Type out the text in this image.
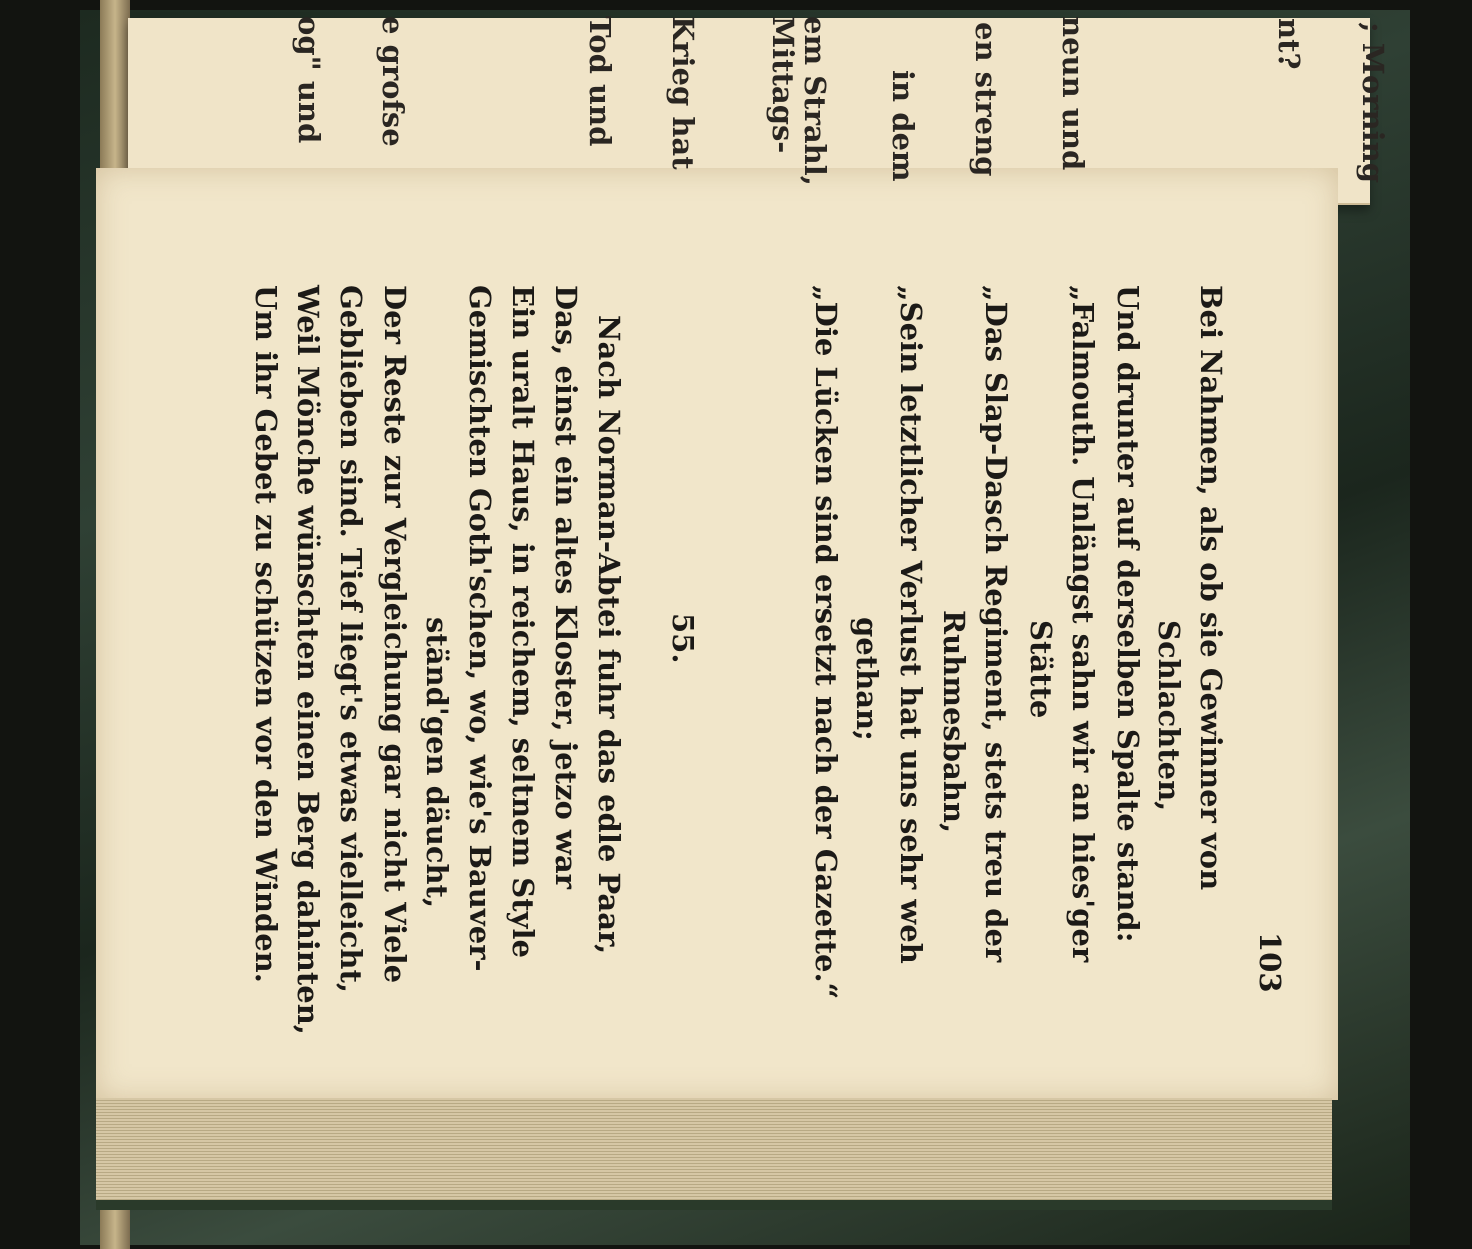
; Morning
nt?
neun und
en streng
in dem
em Strahl,
Mittags-
Krieg hat
Tod und
e grofse
og" und
103
Bei Nahmen, als ob sie Gewinner von
Schlachten,
Und drunter auf derselben Spalte stand:
„Falmouth. Unlängst sahn wir an hies'ger
Stätte
„Das Slap-Dasch Regiment, stets treu der
Ruhmesbahn,
„Sein letztlicher Verlust hat uns sehr weh
gethan;
„Die Lücken sind ersetzt nach der Gazette.“
55.
Nach Norman-Abtei fuhr das edle Paar,
Das, einst ein altes Kloster, jetzo war
Ein uralt Haus, in reichem, seltnem Style
Gemischten Goth'schen, wo, wie's Bauver-
ständ'gen däucht,
Der Reste zur Vergleichung gar nicht Viele
Geblieben sind. Tief liegt's etwas vielleicht,
Weil Mönche wünschten einen Berg dahinten,
Um ihr Gebet zu schützen vor den Winden.
